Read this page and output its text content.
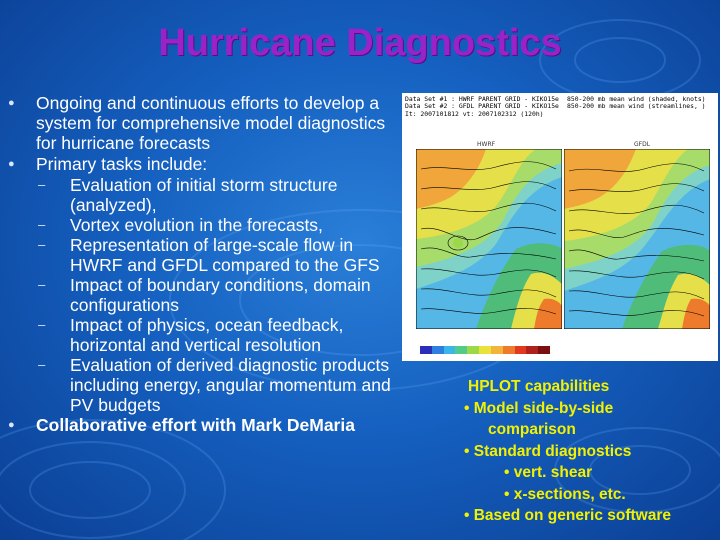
Hurricane Diagnostics
● Ongoing and continuous efforts to develop a system for comprehensive model diagnostics for hurricane forecasts
● Primary tasks include:
– Evaluation of initial storm structure (analyzed),
– Vortex evolution in the forecasts,
– Representation of large-scale flow in HWRF and GFDL compared to the GFS
– Impact of boundary conditions, domain configurations
– Impact of physics, ocean feedback, horizontal and vertical resolution
– Evaluation of derived diagnostic products including energy, angular momentum and PV budgets
● Collaborative effort with Mark DeMaria
Data Set #1 : HWRF PARENT GRID - KIKO15e
Data Set #2 : GFDL PARENT GRID - KIKO15e
It: 2007101812 vt: 2007102312 (120h)
850-200 mb mean wind (shaded, knots)
850-200 mb mean wind (streamlines, )
HWRF	GFDL
HPLOT capabilities
• Model side-by-side
comparison
• Standard diagnostics
• vert. shear
• x-sections, etc.
• Based on generic software
